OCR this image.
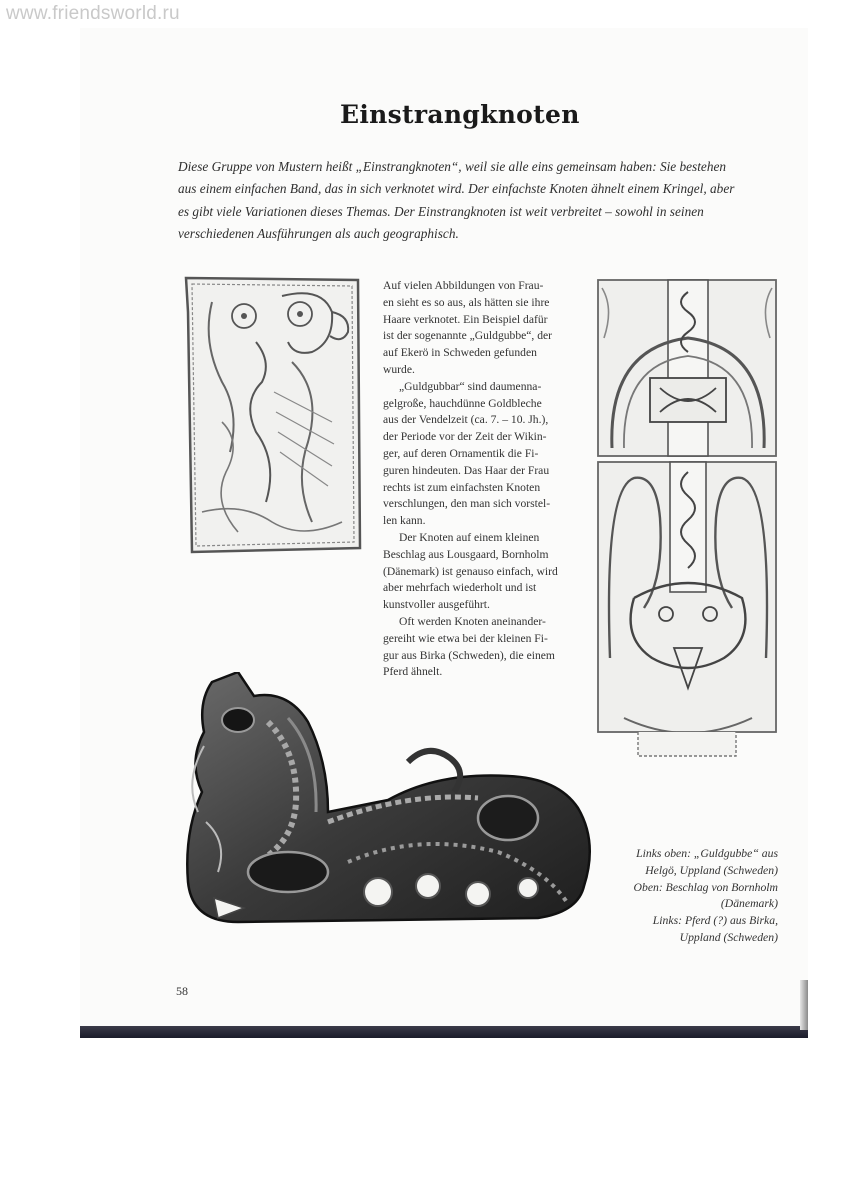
www.friendsworld.ru
Einstrangknoten
Diese Gruppe von Mustern heißt „Einstrangknoten“, weil sie alle eins gemeinsam haben: Sie bestehen
aus einem einfachen Band, das in sich verknotet wird. Der einfachste Knoten ähnelt einem Kringel, aber
es gibt viele Variationen dieses Themas. Der Einstrangknoten ist weit verbreitet – sowohl in seinen
verschiedenen Ausführungen als auch geographisch.
Auf vielen Abbildungen von Frau-
en sieht es so aus, als hätten sie ihre
Haare verknotet. Ein Beispiel dafür
ist der sogenannte „Guldgubbe“, der
auf Ekerö in Schweden gefunden
wurde.
„Guldgubbar“ sind daumenna-
gelgroße, hauchdünne Goldbleche
aus der Vendelzeit (ca. 7. – 10. Jh.),
der Periode vor der Zeit der Wikin-
ger, auf deren Ornamentik die Fi-
guren hindeuten. Das Haar der Frau
rechts ist zum einfachsten Knoten
verschlungen, den man sich vorstel-
len kann.
Der Knoten auf einem kleinen
Beschlag aus Lousgaard, Bornholm
(Dänemark) ist genauso einfach, wird
aber mehrfach wiederholt und ist
kunstvoller ausgeführt.
Oft werden Knoten aneinander-
gereiht wie etwa bei der kleinen Fi-
gur aus Birka (Schweden), die einem
Pferd ähnelt.
Links oben: „Guldgubbe“ aus
Helgö, Uppland (Schweden)
Oben: Beschlag von Bornholm
(Dänemark)
Links: Pferd (?) aus Birka,
Uppland (Schweden)
58
